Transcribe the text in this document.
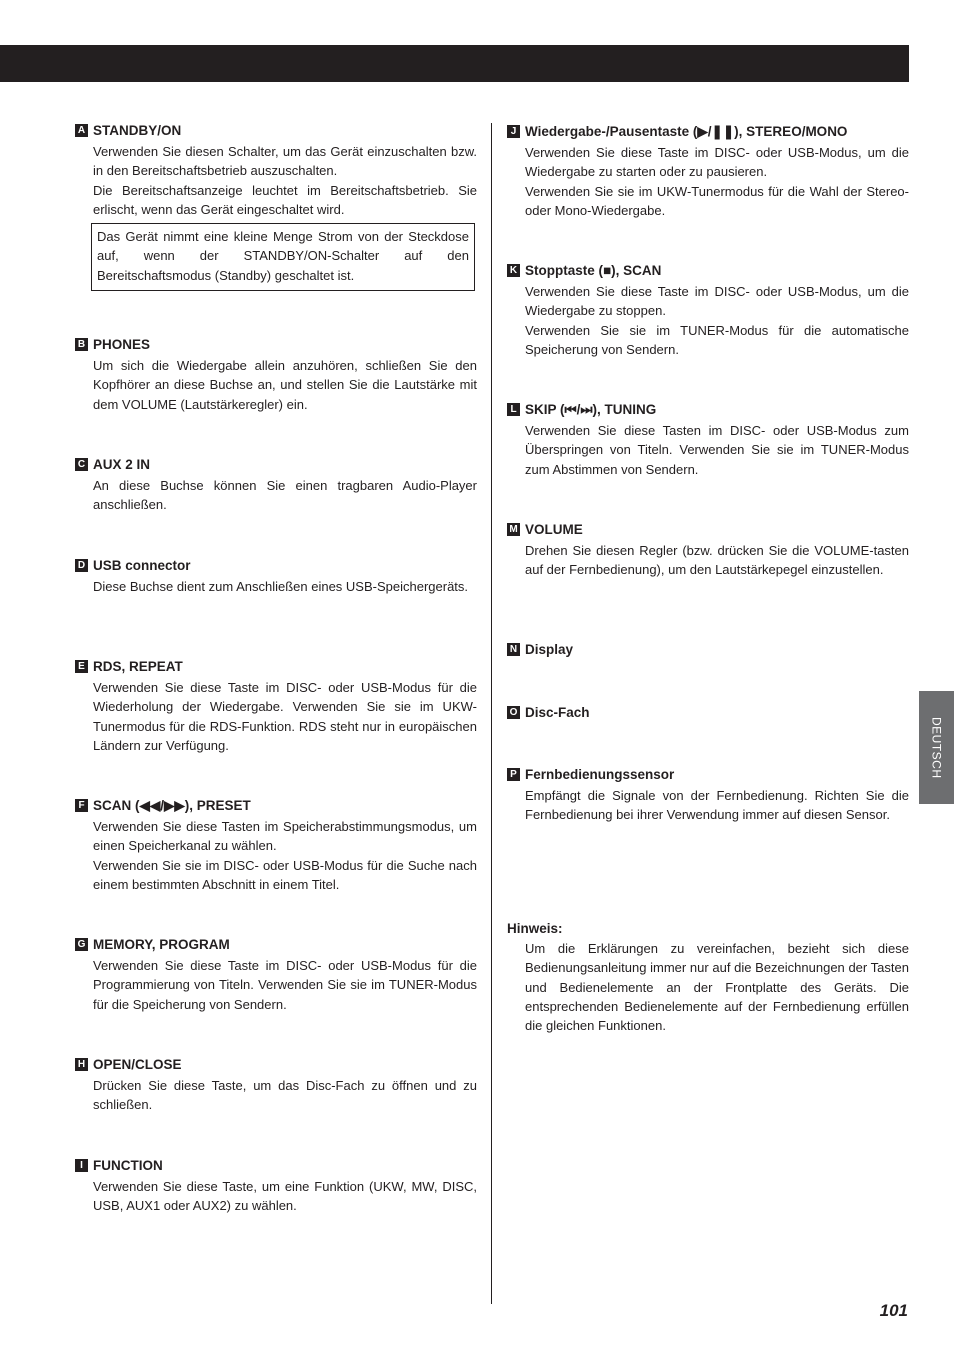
A STANDBY/ON
Verwenden Sie diesen Schalter, um das Gerät einzuschalten bzw. in den Bereitschaftsbetrieb auszuschalten.
Die Bereitschaftsanzeige leuchtet im Bereitschaftsbetrieb. Sie erlischt, wenn das Gerät eingeschaltet wird.
Das Gerät nimmt eine kleine Menge Strom von der Steckdose auf, wenn der STANDBY/ON-Schalter auf den Bereitschaftsmodus (Standby) geschaltet ist.
B PHONES
Um sich die Wiedergabe allein anzuhören, schließen Sie den Kopfhörer an diese Buchse an, und stellen Sie die Lautstärke mit dem VOLUME (Lautstärkeregler) ein.
C AUX 2 IN
An diese Buchse können Sie einen tragbaren Audio-Player anschließen.
D USB connector
Diese Buchse dient zum Anschließen eines USB-Speichergeräts.
E RDS, REPEAT
Verwenden Sie diese Taste im DISC- oder USB-Modus für die Wiederholung der Wiedergabe. Verwenden Sie sie im UKW-Tunermodus für die RDS-Funktion. RDS steht nur in europäischen Ländern zur Verfügung.
F SCAN (◀◀/▶▶), PRESET
Verwenden Sie diese Tasten im Speicherabstimmungsmodus, um einen Speicherkanal zu wählen.
Verwenden Sie sie im DISC- oder USB-Modus für die Suche nach einem bestimmten Abschnitt in einem Titel.
G MEMORY, PROGRAM
Verwenden Sie diese Taste im DISC- oder USB-Modus für die Programmierung von Titeln. Verwenden Sie sie im TUNER-Modus für die Speicherung von Sendern.
H OPEN/CLOSE
Drücken Sie diese Taste, um das Disc-Fach zu öffnen und zu schließen.
I FUNCTION
Verwenden Sie diese Taste, um eine Funktion (UKW, MW, DISC, USB, AUX1 oder AUX2) zu wählen.
J Wiedergabe-/Pausentaste (▶/❚❚), STEREO/MONO
Verwenden Sie diese Taste im DISC- oder USB-Modus, um die Wiedergabe zu starten oder zu pausieren.
Verwenden Sie sie im UKW-Tunermodus für die Wahl der Stereo- oder Mono-Wiedergabe.
K Stopptaste (■), SCAN
Verwenden Sie diese Taste im DISC- oder USB-Modus, um die Wiedergabe zu stoppen.
Verwenden Sie sie im TUNER-Modus für die automatische Speicherung von Sendern.
L SKIP (⏮/⏭), TUNING
Verwenden Sie diese Tasten im DISC- oder USB-Modus zum Überspringen von Titeln. Verwenden Sie sie im TUNER-Modus zum Abstimmen von Sendern.
M VOLUME
Drehen Sie diesen Regler (bzw. drücken Sie die VOLUME-tasten auf der Fernbedienung), um den Lautstärkepegel einzustellen.
N Display
O Disc-Fach
P Fernbedienungssensor
Empfängt die Signale von der Fernbedienung. Richten Sie die Fernbedienung bei ihrer Verwendung immer auf diesen Sensor.
Hinweis:
Um die Erklärungen zu vereinfachen, bezieht sich diese Bedienungsanleitung immer nur auf die Bezeichnungen der Tasten und Bedienelemente an der Frontplatte des Geräts. Die entsprechenden Bedienelemente auf der Fernbedienung erfüllen die gleichen Funktionen.
DEUTSCH
101
